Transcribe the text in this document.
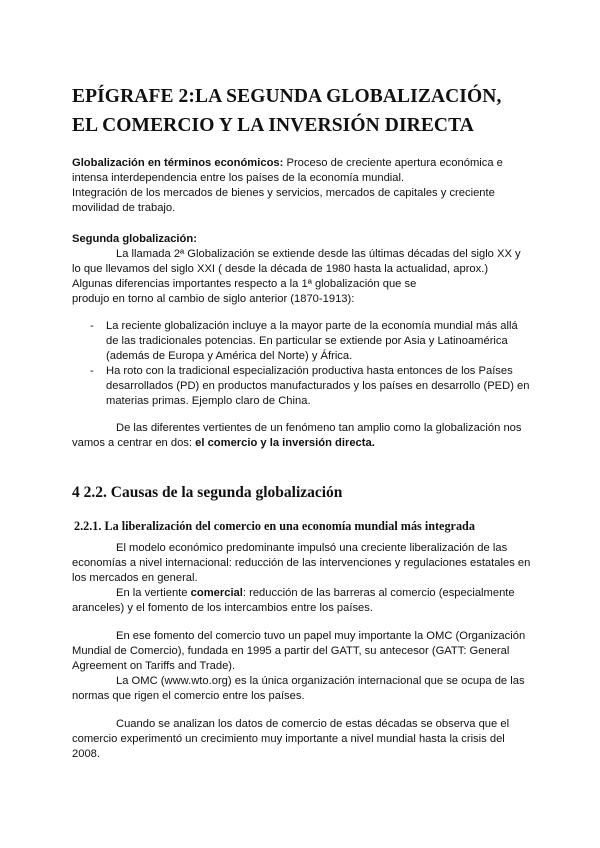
EPÍGRAFE 2:LA SEGUNDA GLOBALIZACIÓN,
EL COMERCIO Y LA INVERSIÓN DIRECTA

Globalización en términos económicos: Proceso de creciente apertura económica e intensa interdependencia entre los países de la economía mundial.

Integración de los mercados de bienes y servicios, mercados de capitales y creciente movilidad de trabajo.

Segunda globalización:

La llamada 2ª Globalización se extiende desde las últimas décadas del siglo XX y lo que llevamos del siglo XXI ( desde la década de 1980 hasta la actualidad, aprox.)

Algunas diferencias importantes respecto a la 1ª globalización que se

produjo en torno al cambio de siglo anterior (1870-1913):

- La reciente globalización incluye a la mayor parte de la economía mundial más allá de las tradicionales potencias. En particular se extiende por Asia y Latinoamérica (además de Europa y América del Norte) y África.
- Ha roto con la tradicional especialización productiva hasta entonces de los Países desarrollados (PD) en productos manufacturados y los países en desarrollo (PED) en materias primas. Ejemplo claro de China.

De las diferentes vertientes de un fenómeno tan amplio como la globalización nos vamos a centrar en dos: el comercio y la inversión directa.

4 2.2. Causas de la segunda globalización
2.2.1. La liberalización del comercio en una economía mundial más integrada

El modelo económico predominante impulsó una creciente liberalización de las economías a nivel internacional: reducción de las intervenciones y regulaciones estatales en los mercados en general.

En la vertiente comercial: reducción de las barreras al comercio (especialmente aranceles) y el fomento de los intercambios entre los países.

En ese fomento del comercio tuvo un papel muy importante la OMC (Organización Mundial de Comercio), fundada en 1995 a partir del GATT, su antecesor (GATT: General Agreement on Tariffs and Trade).

La OMC (www.wto.org) es la única organización internacional que se ocupa de las normas que rigen el comercio entre los países.

Cuando se analizan los datos de comercio de estas décadas se observa que el comercio experimentó un crecimiento muy importante a nivel mundial hasta la crisis del 2008.
